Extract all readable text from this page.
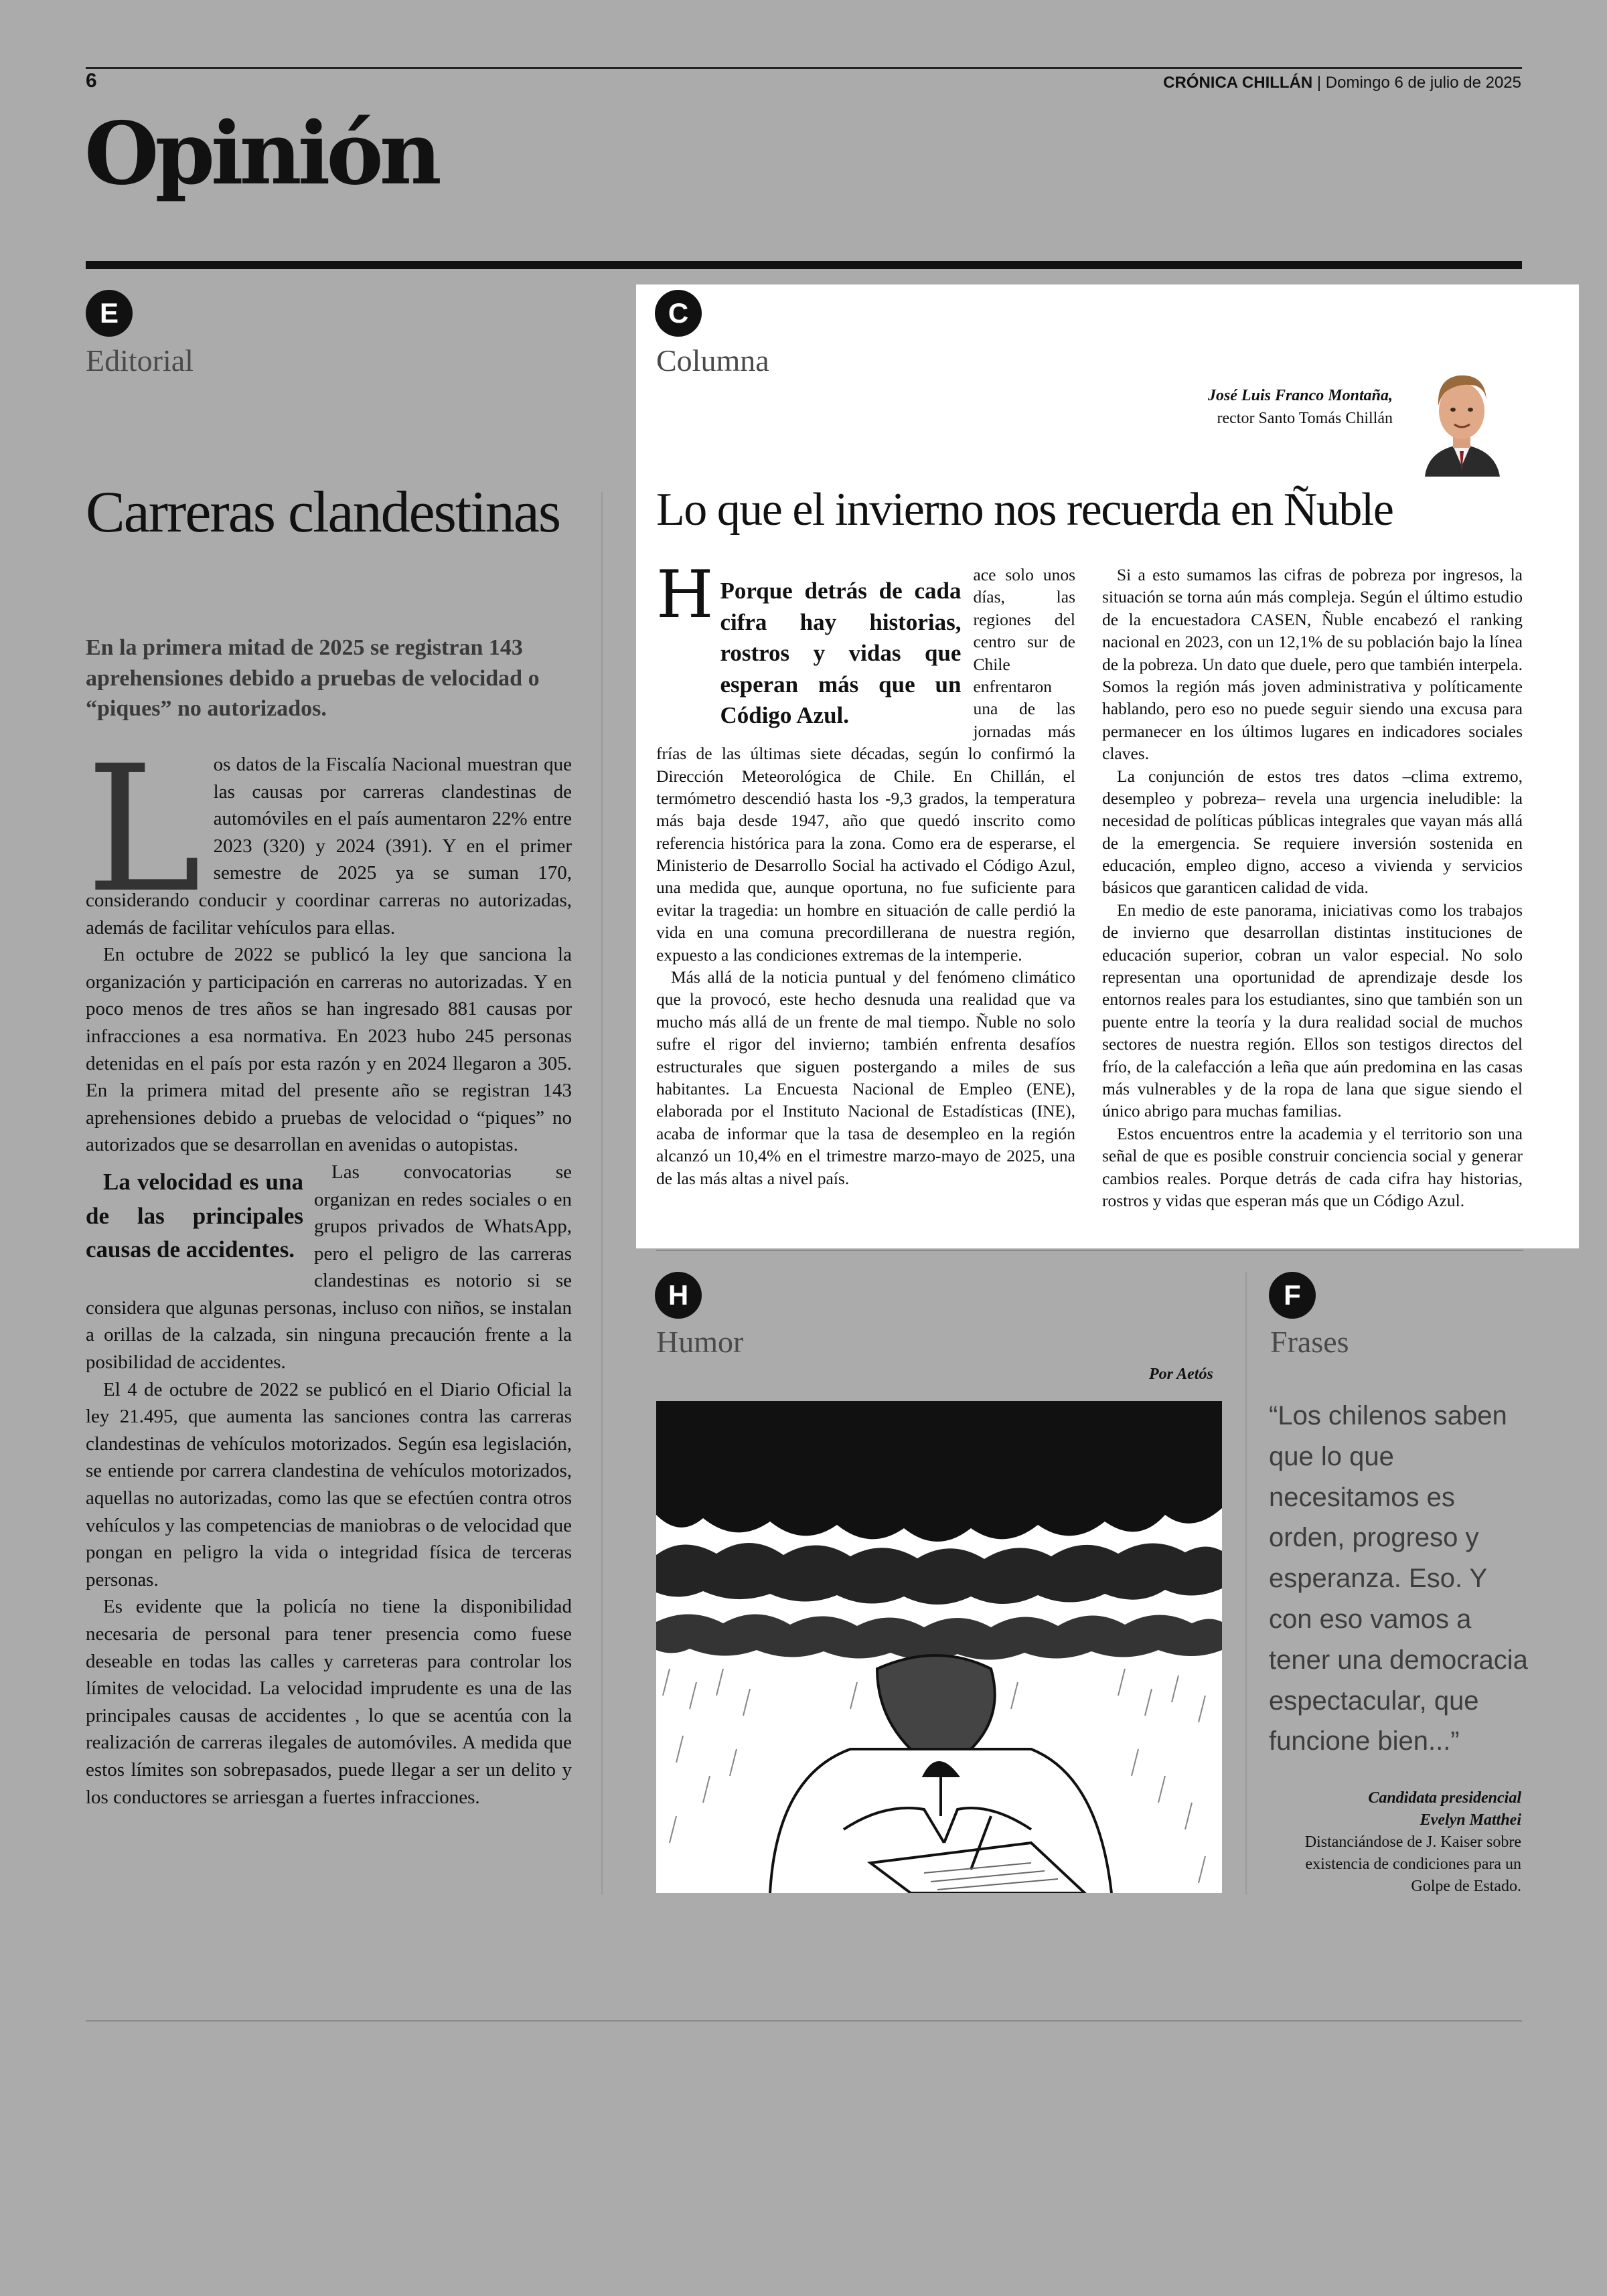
6	CRÓNICA CHILLÁN | Domingo 6 de julio de 2025
Opinión
E
Editorial
Carreras clandestinas
En la primera mitad de 2025 se registran 143 aprehensiones debido a pruebas de velocidad o “piques” no autorizados.

Los datos de la Fiscalía Nacional muestran que las causas por carreras clandestinas de automóviles en el país aumentaron 22% entre 2023 (320) y 2024 (391). Y en el primer semestre de 2025 ya se suman 170, considerando conducir y coordinar carreras no autorizadas, además de facilitar vehículos para ellas.

En octubre de 2022 se publicó la ley que sanciona la organización y participación en carreras no autorizadas. Y en poco menos de tres años se han ingresado 881 causas por infracciones a esa normativa. En 2023 hubo 245 personas detenidas en el país por esta razón y en 2024 llegaron a 305. En la primera mitad del presente año se registran 143 aprehensiones debido a pruebas de velocidad o “piques” no autorizados que se desarrollan en avenidas o autopistas.

La velocidad es una de las principales causas de accidentes.
Las convocatorias se organizan en redes sociales o en grupos privados de WhatsApp, pero el peligro de las carreras clandestinas es notorio si se considera que algunas personas, incluso con niños, se instalan a orillas de la calzada, sin ninguna precaución frente a la posibilidad de accidentes.

El 4 de octubre de 2022 se publicó en el Diario Oficial la ley 21.495, que aumenta las sanciones contra las carreras clandestinas de vehículos motorizados. Según esa legislación, se entiende por carrera clandestina de vehículos motorizados, aquellas no autorizadas, como las que se efectúen contra otros vehículos y las competencias de maniobras o de velocidad que pongan en peligro la vida o integridad física de terceras personas.

Es evidente que la policía no tiene la disponibilidad necesaria de personal para tener presencia como fuese deseable en todas las calles y carreteras para controlar los límites de velocidad. La velocidad imprudente es una de las principales causas de accidentes , lo que se acentúa con la realización de carreras ilegales de automóviles. A medida que estos límites son sobrepasados, puede llegar a ser un delito y los conductores se arriesgan a fuertes infracciones.

C
Columna
José Luis Franco Montaña,
rector Santo Tomás Chillán
Lo que el invierno nos recuerda en Ñuble

H Porque detrás de cada cifra hay historias, rostros y vidas que esperan más que un Código Azul.
ace solo unos días, las regiones del centro sur de Chile enfrentaron una de las jornadas más frías de las últimas siete décadas, según lo confirmó la Dirección Meteorológica de Chile. En Chillán, el termómetro descendió hasta los -9,3 grados, la temperatura más baja desde 1947, año que quedó inscrito como referencia histórica para la zona. Como era de esperarse, el Ministerio de Desarrollo Social ha activado el Código Azul, una medida que, aunque oportuna, no fue suficiente para evitar la tragedia: un hombre en situación de calle perdió la vida en una comuna precordillerana de nuestra región, expuesto a las condiciones extremas de la intemperie.

Más allá de la noticia puntual y del fenómeno climático que la provocó, este hecho desnuda una realidad que va mucho más allá de un frente de mal tiempo. Ñuble no solo sufre el rigor del invierno; también enfrenta desafíos estructurales que siguen postergando a miles de sus habitantes. La Encuesta Nacional de Empleo (ENE), elaborada por el Instituto Nacional de Estadísticas (INE), acaba de informar que la tasa de desempleo en la región alcanzó un 10,4% en el trimestre marzo-mayo de 2025, una de las más altas a nivel país.

Si a esto sumamos las cifras de pobreza por ingresos, la situación se torna aún más compleja. Según el último estudio de la encuestadora CASEN, Ñuble encabezó el ranking nacional en 2023, con un 12,1% de su población bajo la línea de la pobreza. Un dato que duele, pero que también interpela. Somos la región más joven administrativa y políticamente hablando, pero eso no puede seguir siendo una excusa para permanecer en los últimos lugares en indicadores sociales claves.

La conjunción de estos tres datos –clima extremo, desempleo y pobreza– revela una urgencia ineludible: la necesidad de políticas públicas integrales que vayan más allá de la emergencia. Se requiere inversión sostenida en educación, empleo digno, acceso a vivienda y servicios básicos que garanticen calidad de vida.

En medio de este panorama, iniciativas como los trabajos de invierno que desarrollan distintas instituciones de educación superior, cobran un valor especial. No solo representan una oportunidad de aprendizaje desde los entornos reales para los estudiantes, sino que también son un puente entre la teoría y la dura realidad social de muchos sectores de nuestra región. Ellos son testigos directos del frío, de la calefacción a leña que aún predomina en las casas más vulnerables y de la ropa de lana que sigue siendo el único abrigo para muchas familias.

Estos encuentros entre la academia y el territorio son una señal de que es posible construir conciencia social y generar cambios reales. Porque detrás de cada cifra hay historias, rostros y vidas que esperan más que un Código Azul.

H
Humor
Por Aetós
F
Frases
“Los chilenos saben que lo que necesitamos es orden, progreso y esperanza. Eso. Y con eso vamos a tener una democracia espectacular, que funcione bien...”
Candidata presidencial
Evelyn Matthei
Distanciándose de J. Kaiser sobre existencia de condiciones para un Golpe de Estado.
